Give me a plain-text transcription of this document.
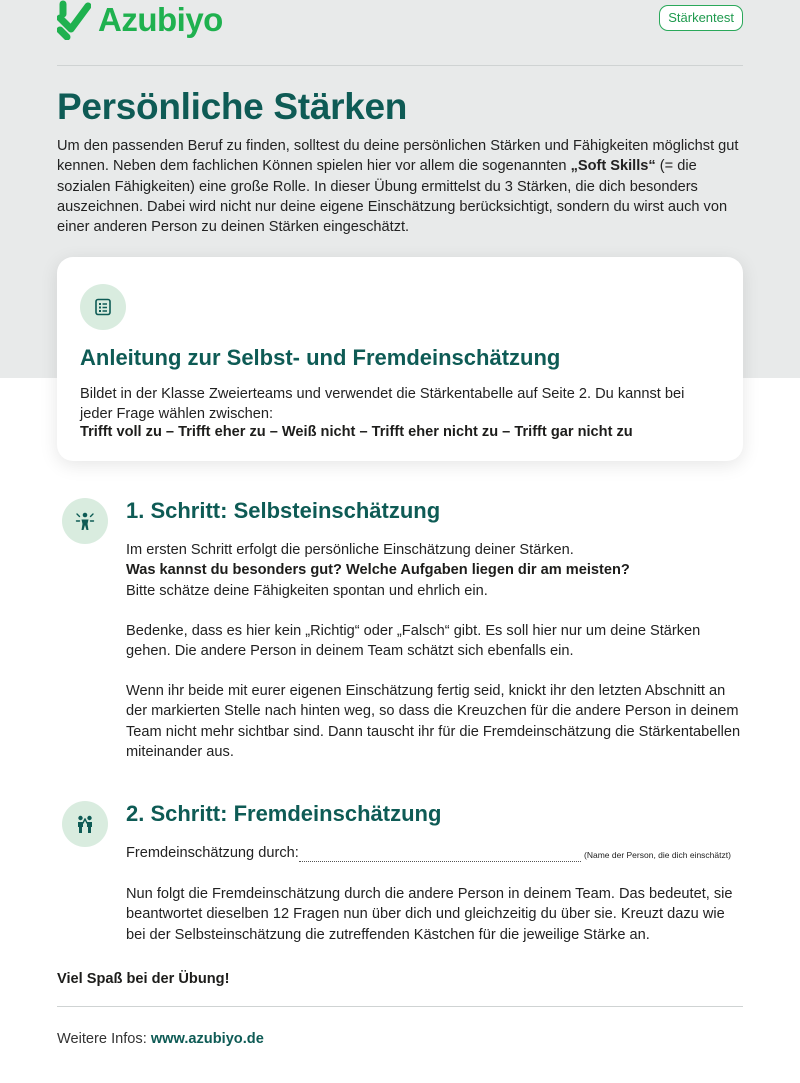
Azubiyo	Stärkentest
Persönliche Stärken

Um den passenden Beruf zu finden, solltest du deine persönlichen Stärken und Fähigkeiten möglichst gut kennen. Neben dem fachlichen Können spielen hier vor allem die sogenannten „Soft Skills“ (= die sozialen Fähigkeiten) eine große Rolle. In dieser Übung ermittelst du 3 Stärken, die dich besonders auszeichnen. Dabei wird nicht nur deine eigene Einschätzung berücksichtigt, sondern du wirst auch von einer anderen Person zu deinen Stärken eingeschätzt.

Anleitung zur Selbst- und Fremdeinschätzung

Bildet in der Klasse Zweierteams und verwendet die Stärkentabelle auf Seite 2. Du kannst bei jeder Frage wählen zwischen:

Trifft voll zu – Trifft eher zu – Weiß nicht – Trifft eher nicht zu – Trifft gar nicht zu
1. Schritt: Selbsteinschätzung

Im ersten Schritt erfolgt die persönliche Einschätzung deiner Stärken.
Was kannst du besonders gut? Welche Aufgaben liegen dir am meisten?
Bitte schätze deine Fähigkeiten spontan und ehrlich ein.

Bedenke, dass es hier kein „Richtig“ oder „Falsch“ gibt. Es soll hier nur um deine Stärken gehen. Die andere Person in deinem Team schätzt sich ebenfalls ein.

Wenn ihr beide mit eurer eigenen Einschätzung fertig seid, knickt ihr den letzten Abschnitt an der markierten Stelle nach hinten weg, so dass die Kreuzchen für die andere Person in deinem Team nicht mehr sichtbar sind. Dann tauscht ihr für die Fremdeinschätzung die Stärkentabellen miteinander aus.

2. Schritt: Fremdeinschätzung
Fremdeinschätzung durch:	(Name der Person, die dich einschätzt)

Nun folgt die Fremdeinschätzung durch die andere Person in deinem Team. Das bedeutet, sie beantwortet dieselben 12 Fragen nun über dich und gleichzeitig du über sie. Kreuzt dazu wie bei der Selbsteinschätzung die zutreffenden Kästchen für die jeweilige Stärke an.

Viel Spaß bei der Übung!
Weitere Infos: www.azubiyo.de
